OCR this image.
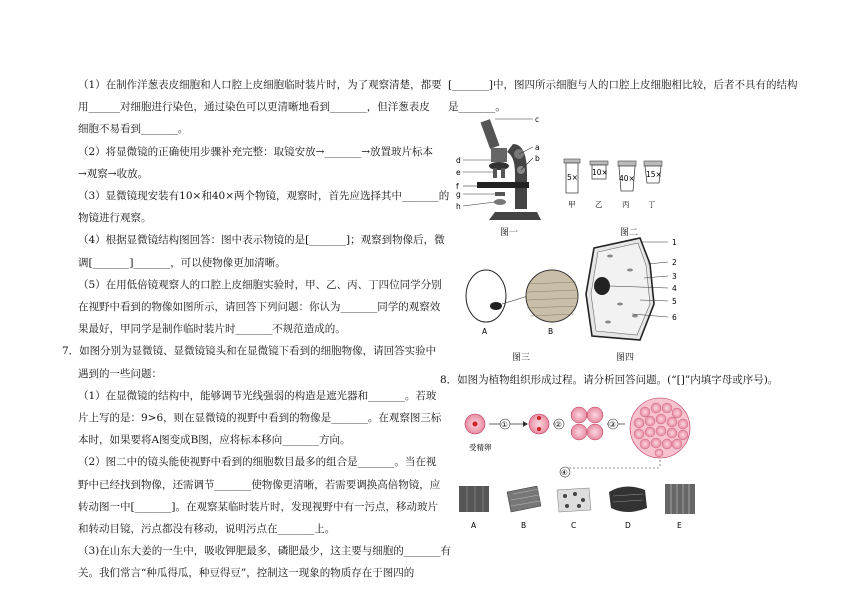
（1）在制作洋葱表皮细胞和人口腔上皮细胞临时装片时，为了观察清楚，都要
用______对细胞进行染色，通过染色可以更清晰地看到_______，但洋葱表皮
细胞不易看到_______。
（2）将显微镜的正确使用步骤补充完整：取镜安放→_______→放置玻片标本
→观察→收放。
（3）显微镜现安装有10×和40×两个物镜，观察时，首先应选择其中_______的
物镜进行观察。
（4）根据显微镜结构图回答：图中表示物镜的是[_______]；观察到物像后，微
调[_______]_______，可以使物像更加清晰。
（5）在用低倍镜观察人的口腔上皮细胞实验时，甲、乙、丙、丁四位同学分别
在视野中看到的物像如图所示，请回答下列问题：你认为_______同学的观察效
果最好，甲同学是制作临时装片时_______不规范造成的。
7．如图分别为显微镜、显微镜镜头和在显微镜下看到的细胞物像，请回答实验中
遇到的一些问题：
（1）在显微镜的结构中，能够调节光线强弱的构造是遮光器和_______。若玻
片上写的是：9>6，则在显微镜的视野中看到的物像是_______。在观察图三标
本时，如果要将A图变成B图，应将标本移向_______方向。
（2）图二中的镜头能使视野中看到的细胞数目最多的组合是_______。当在视
野中已经找到物像，还需调节_______使物像更清晰，若需要调换高倍物镜，应
转动图一中[_______]。在观察某临时装片时，发现视野中有一污点，移动玻片
和转动目镜，污点都没有移动，说明污点在_______上。
（3)在山东大姜的一生中，吸收钾肥最多，磷肥最少，这主要与细胞的_______有
关。我们常言“种瓜得瓜，种豆得豆”，控制这一现象的物质存在于图四的
[_______]中，图四所示细胞与人的口腔上皮细胞相比较，后者不具有的结构
是_______。
8．如图为植物组织形成过程。请分析回答问题。(“[]”内填字母或序号)。
c
a
b
d
e
f
g
h
图一
5×
10×
40× 15×
甲	乙	丙 丁
图二
A	B
图三
1
2
3
4
5
6
图四
受精卵
①	②	③
④
A	B	C	D	E
